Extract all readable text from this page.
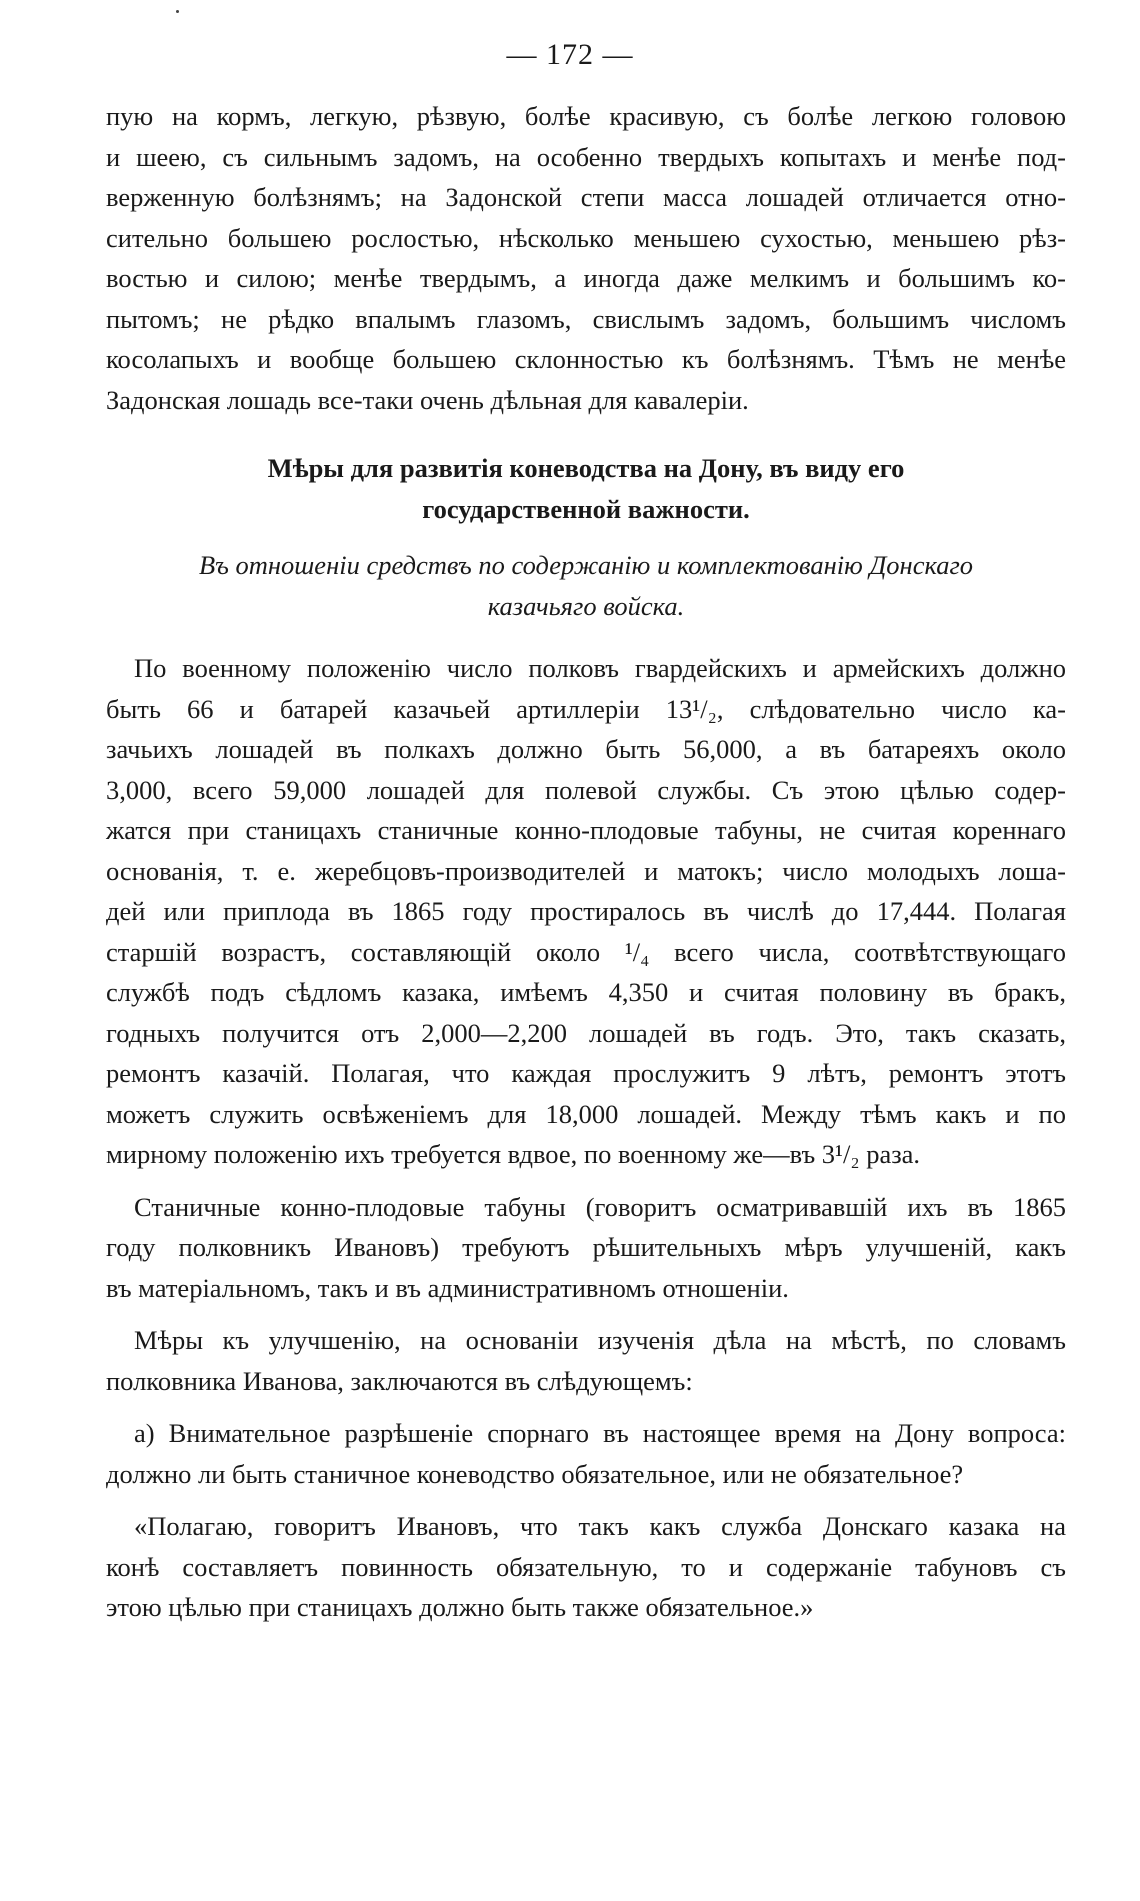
— 172 —
пую на кормъ, легкую, рѣзвую, болѣе красивую, съ болѣе легкою головою
и шеею, съ сильнымъ задомъ, на особенно твердыхъ копытахъ и менѣе под-
верженную болѣзнямъ; на Задонской степи масса лошадей отличается отно-
сительно большею рослостью, нѣсколько меньшею сухостью, меньшею рѣз-
востью и силою; менѣе твердымъ, а иногда даже мелкимъ и большимъ ко-
пытомъ; не рѣдко впалымъ глазомъ, свислымъ задомъ, большимъ числомъ
косолапыхъ и вообще большею склонностью къ болѣзнямъ. Тѣмъ не менѣе
Задонская лошадь все-таки очень дѣльная для кавалеріи.
Мѣры для развитія коневодства на Дону, въ виду его
государственной важности.
Въ отношеніи средствъ по содержанію и комплектованію Донскаго
казачьяго войска.
По военному положенію число полковъ гвардейскихъ и армейскихъ должно
быть 66 и батарей казачьей артиллеріи 13¹/₂, слѣдовательно число ка-
зачьихъ лошадей въ полкахъ должно быть 56,000, а въ батареяхъ около
3,000, всего 59,000 лошадей для полевой службы. Съ этою цѣлью содер-
жатся при станицахъ станичные конно-плодовые табуны, не считая кореннаго
основанія, т. е. жеребцовъ-производителей и матокъ; число молодыхъ лоша-
дей или приплода въ 1865 году простиралось въ числѣ до 17,444. Полагая
старшій возрастъ, составляющій около ¹/₄ всего числа, соотвѣтствующаго
службѣ подъ сѣдломъ казака, имѣемъ 4,350 и считая половину въ бракъ,
годныхъ получится отъ 2,000—2,200 лошадей въ годъ. Это, такъ сказать,
ремонтъ казачій. Полагая, что каждая прослужитъ 9 лѣтъ, ремонтъ этотъ
можетъ служить освѣженіемъ для 18,000 лошадей. Между тѣмъ какъ и по
мирному положенію ихъ требуется вдвое, по военному же—въ 3¹/₂ раза.
Станичные конно-плодовые табуны (говоритъ осматривавшій ихъ въ 1865
году полковникъ Ивановъ) требуютъ рѣшительныхъ мѣръ улучшеній, какъ
въ матеріальномъ, такъ и въ административномъ отношеніи.
Мѣры къ улучшенію, на основаніи изученія дѣла на мѣстѣ, по словамъ
полковника Иванова, заключаются въ слѣдующемъ:
а) Внимательное разрѣшеніе спорнаго въ настоящее время на Дону вопроса:
должно ли быть станичное коневодство обязательное, или не обязательное?
«Полагаю, говоритъ Ивановъ, что такъ какъ служба Донскаго казака на
конѣ составляетъ повинность обязательную, то и содержаніе табуновъ съ
этою цѣлью при станицахъ должно быть также обязательное.»
